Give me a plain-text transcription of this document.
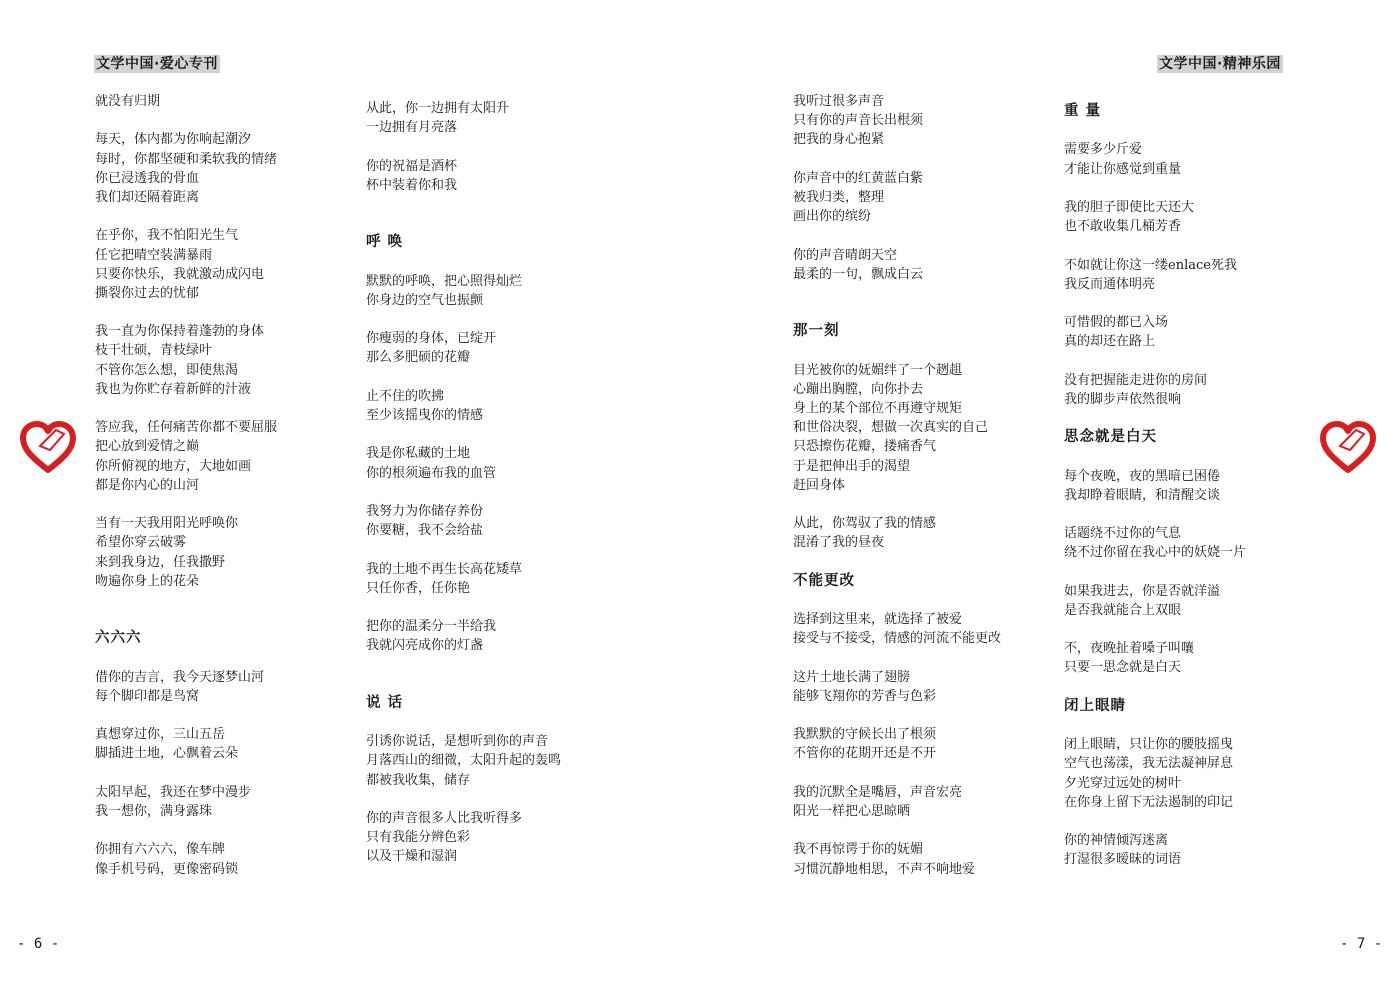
文学中国·爱心专刊	文学中国·精神乐园
就没有归期
每天，体内都为你响起潮汐
每时，你都坚硬和柔软我的情绪
你已浸透我的骨血
我们却还隔着距离
在乎你，我不怕阳光生气
任它把晴空装满暴雨
只要你快乐，我就激动成闪电
撕裂你过去的忧郁
我一直为你保持着蓬勃的身体
枝干壮硕，青枝绿叶
不管你怎么想，即使焦渴
我也为你贮存着新鲜的汁液
答应我，任何痛苦你都不要屈服
把心放到爱情之巅
你所俯视的地方，大地如画
都是你内心的山河
当有一天我用阳光呼唤你
希望你穿云破雾
来到我身边，任我撒野
吻遍你身上的花朵
六六六
借你的吉言，我今天逐梦山河
每个脚印都是鸟窝
真想穿过你，三山五岳
脚插进土地，心飘着云朵
太阳早起，我还在梦中漫步
我一想你，满身露珠
你拥有六六六，像车牌
像手机号码，更像密码锁
从此，你一边拥有太阳升
一边拥有月亮落
你的祝福是酒杯
杯中装着你和我
呼 唤
默默的呼唤，把心照得灿烂
你身边的空气也振颤
你瘦弱的身体，已绽开
那么多肥硕的花瓣
止不住的吹拂
至少该摇曳你的情感
我是你私藏的土地
你的根须遍布我的血管
我努力为你储存养份
你要糖，我不会给盐
我的土地不再生长高花矮草
只任你香，任你艳
把你的温柔分一半给我
我就闪亮成你的灯盏
说 话
引诱你说话，是想听到你的声音
月落西山的细微，太阳升起的轰鸣
都被我收集，储存
你的声音很多人比我听得多
只有我能分辨色彩
以及干燥和湿润
我听过很多声音
只有你的声音长出根须
把我的身心抱紧
你声音中的红黄蓝白紫
被我归类，整理
画出你的缤纷
你的声音晴朗天空
最柔的一句，飘成白云
那一刻
目光被你的妩媚绊了一个趔趄
心蹦出胸膛，向你扑去
身上的某个部位不再遵守规矩
和世俗决裂，想做一次真实的自己
只恐擦伤花瓣，搂痛香气
于是把伸出手的渴望
赶回身体
从此，你驾驭了我的情感
混淆了我的昼夜
不能更改
选择到这里来，就选择了被爱
接受与不接受，情感的河流不能更改
这片土地长满了翅膀
能够飞翔你的芳香与色彩
我默默的守候长出了根须
不管你的花期开还是不开
我的沉默全是嘴唇，声音宏亮
阳光一样把心思晾晒
我不再惊谔于你的妩媚
习惯沉静地相思，不声不响地爱
重 量
需要多少斤爱
才能让你感觉到重量
我的胆子即使比天还大
也不敢收集几桶芳香
不如就让你这一缕enlace死我
我反而通体明亮
可惜假的都已入场
真的却还在路上
没有把握能走进你的房间
我的脚步声依然很响
思念就是白天
每个夜晚，夜的黑暗已困倦
我却睁着眼睛，和清醒交谈
话题绕不过你的气息
绕不过你留在我心中的妖娆一片
如果我进去，你是否就洋溢
是否我就能合上双眼
不，夜晚扯着嗓子叫嚷
只要一思念就是白天
闭上眼睛
闭上眼睛，只让你的腰肢摇曳
空气也荡漾，我无法凝神屏息
夕光穿过远处的树叶
在你身上留下无法遏制的印记
你的神情倾泻迷离
打湿很多暧昧的词语
- 6 -	- 7 -
